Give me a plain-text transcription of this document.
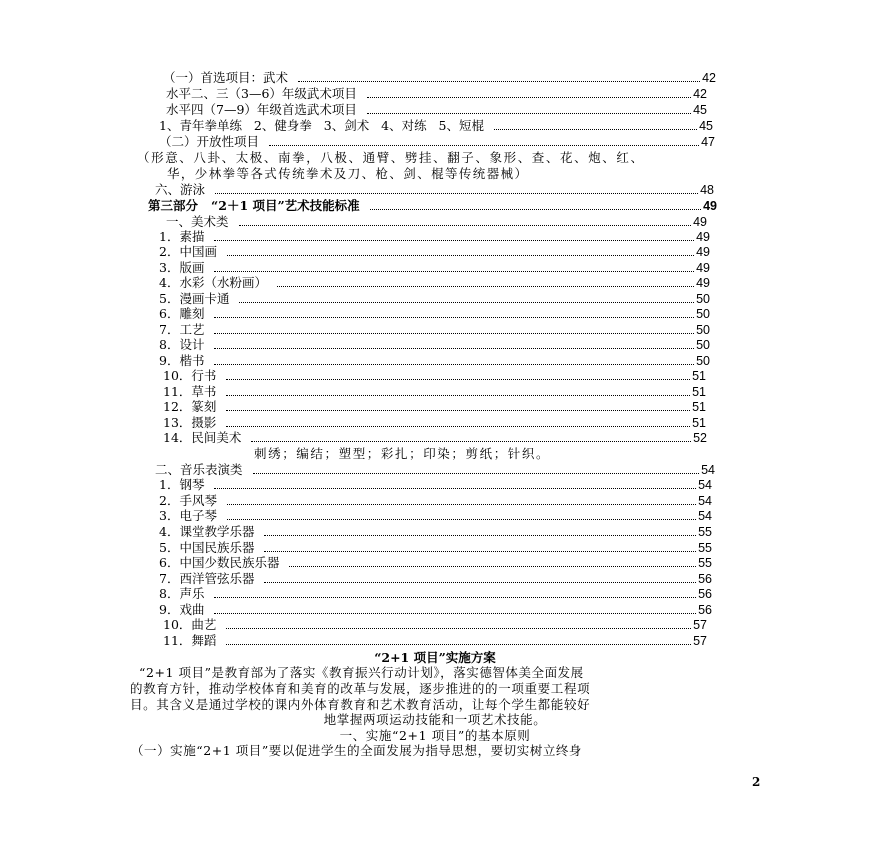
（一）首选项目：武术	42
水平二、三（3—6）年级武术项目	42
水平四（7—9）年级首选武术项目	45
1、青年拳单练   2、健身拳   3、剑术   4、对练   5、短棍	45
（二）开放性项目	47
（形意、八卦、太极、南拳，八极、通臂、劈挂、翻子、象形、查、花、炮、红、
华，少林拳等各式传统拳术及刀、枪、剑、棍等传统器械）
六、游泳	48
第三部分   “2＋1 项目”艺术技能标准	49
一、美术类	49
1．素描	49
2．中国画	49
3．版画	49
4．水彩（水粉画）	49
5．漫画卡通	50
6．雕刻	50
7．工艺	50
8．设计	50
9．楷书	50
10．行书	51
11．草书	51
12．篆刻	51
13．摄影	51
14．民间美术	52
刺绣；编结；塑型；彩扎；印染；剪纸；针织。
二、音乐表演类	54
1．钢琴	54
2．手风琴	54
3．电子琴	54
4．课堂教学乐器	55
5．中国民族乐器	55
6．中国少数民族乐器	55
7．西洋管弦乐器	56
8．声乐	56
9．戏曲	56
10．曲艺	57
11．舞蹈	57
“2+1 项目”实施方案
“2+1 项目”是教育部为了落实《教育振兴行动计划》，落实德智体美全面发展
的教育方针，推动学校体育和美育的改革与发展，逐步推进的的一项重要工程项
目。其含义是通过学校的课内外体育教育和艺术教育活动，让每个学生都能较好
地掌握两项运动技能和一项艺术技能。
一、实施“2+1 项目”的基本原则
（一）实施“2+1 项目”要以促进学生的全面发展为指导思想，要切实树立终身
2
